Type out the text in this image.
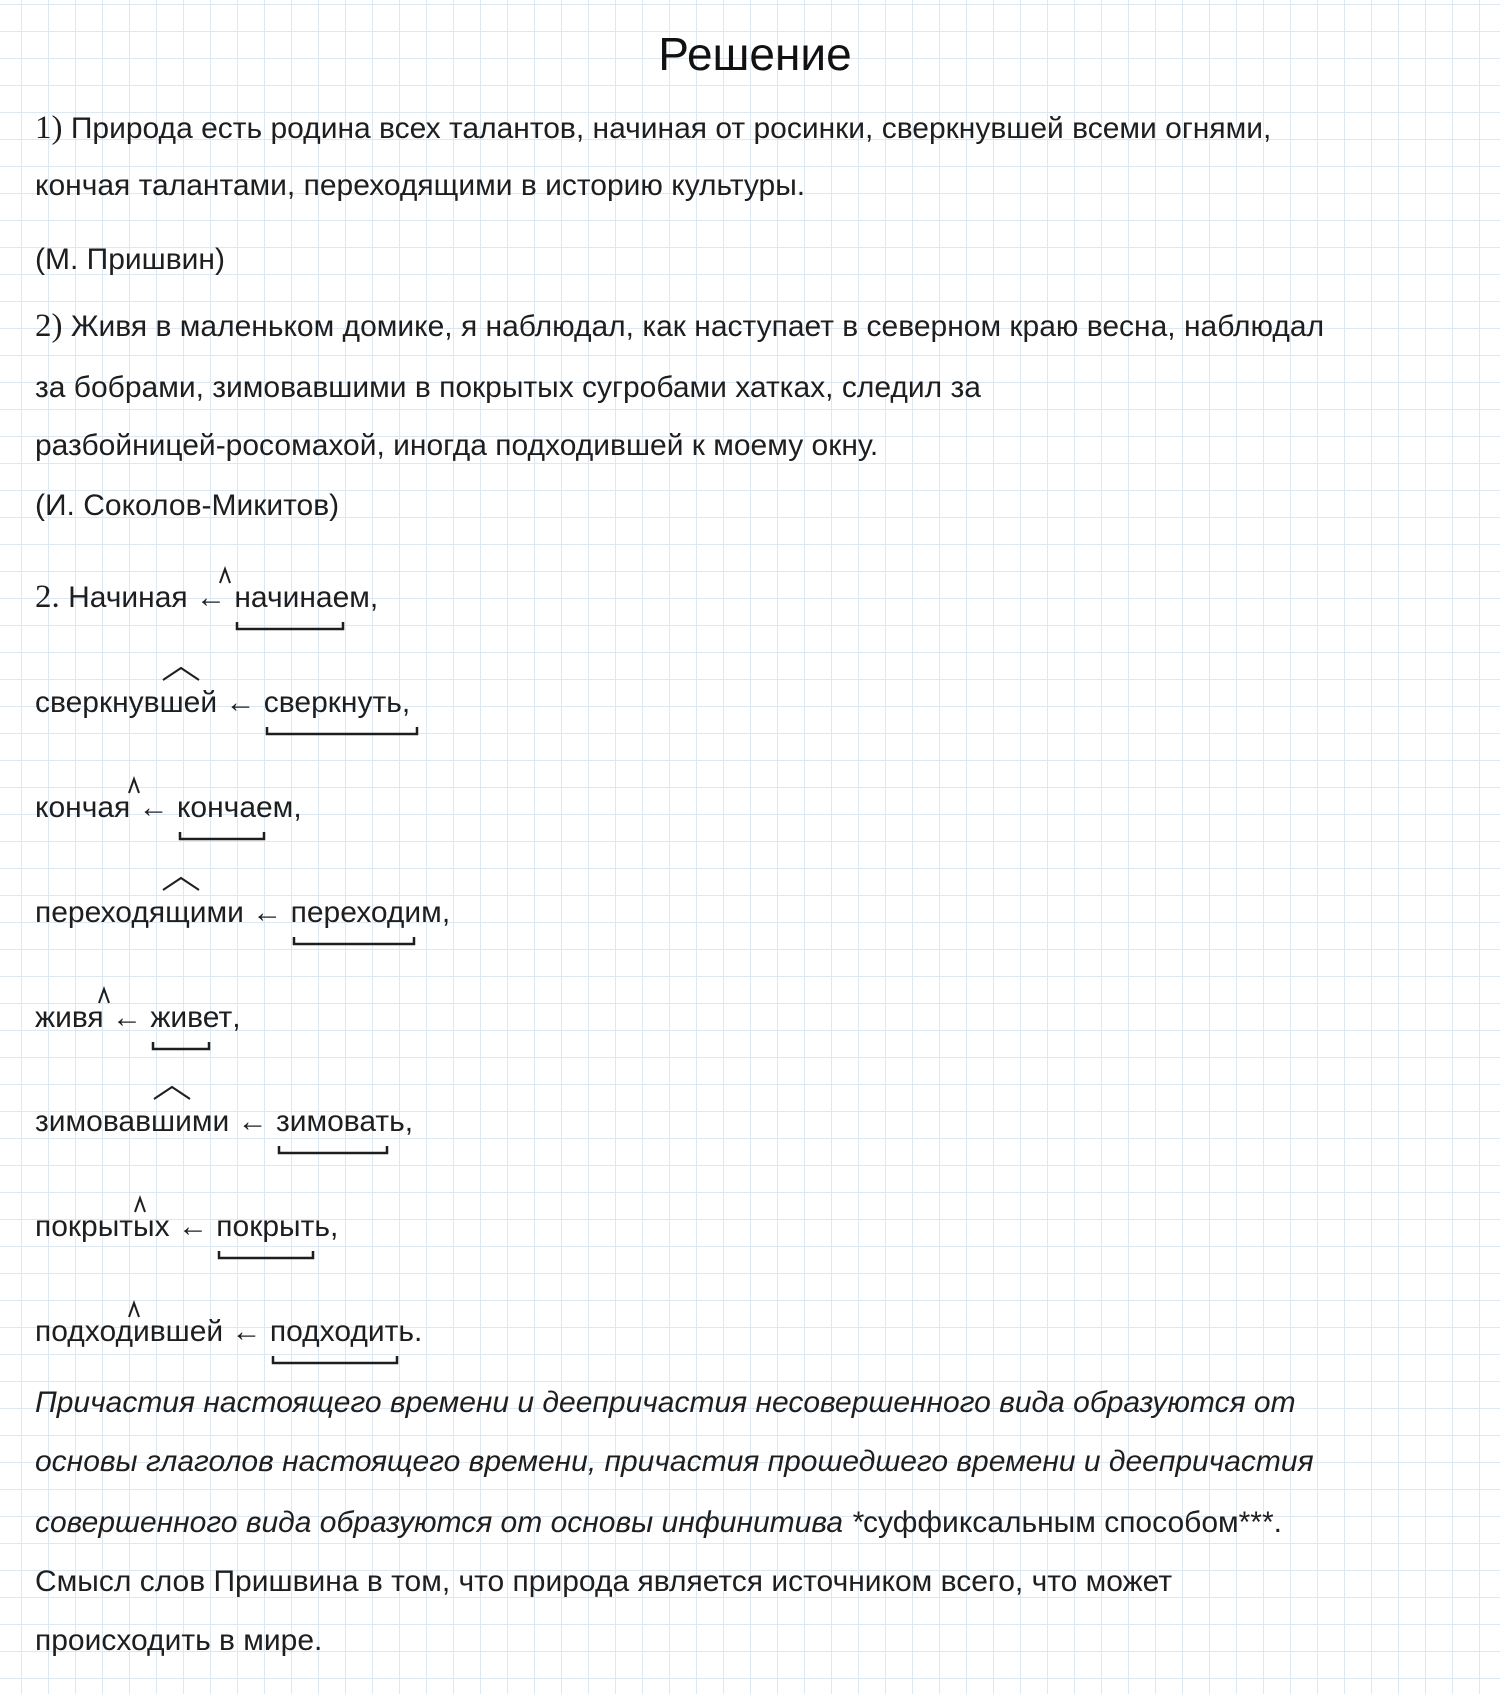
Решение
1) Природа есть родина всех талантов, начиная от росинки, сверкнувшей всеми огнями,
кончая талантами, переходящими в историю культуры.
(М. Пришвин)
2) Живя в маленьком домике, я наблюдал, как наступает в северном краю весна, наблюдал
за бобрами, зимовавшими в покрытых сугробами хатках, следил за
разбойницей-росомахой, иногда подходившей к моему окну.
(И. Соколов-Микитов)
2. Начиная ← начинаем
,
сверкнувшей ← сверкнуть
,
кончая ← кончаем
,
переходящими ← переходим
,
живя ← живет
,
зимовавшими ← зимовать
,
покрытых ← покрыть
,
подходившей ← подходить
.
Причастия настоящего времени и деепричастия несовершенного вида образуются от
основы глаголов настоящего времени, причастия прошедшего времени и деепричастия
совершенного вида образуются от основы инфинитива *суффиксальным способом***.
Смысл слов Пришвина в том, что природа является источником всего, что может
происходить в мире.
